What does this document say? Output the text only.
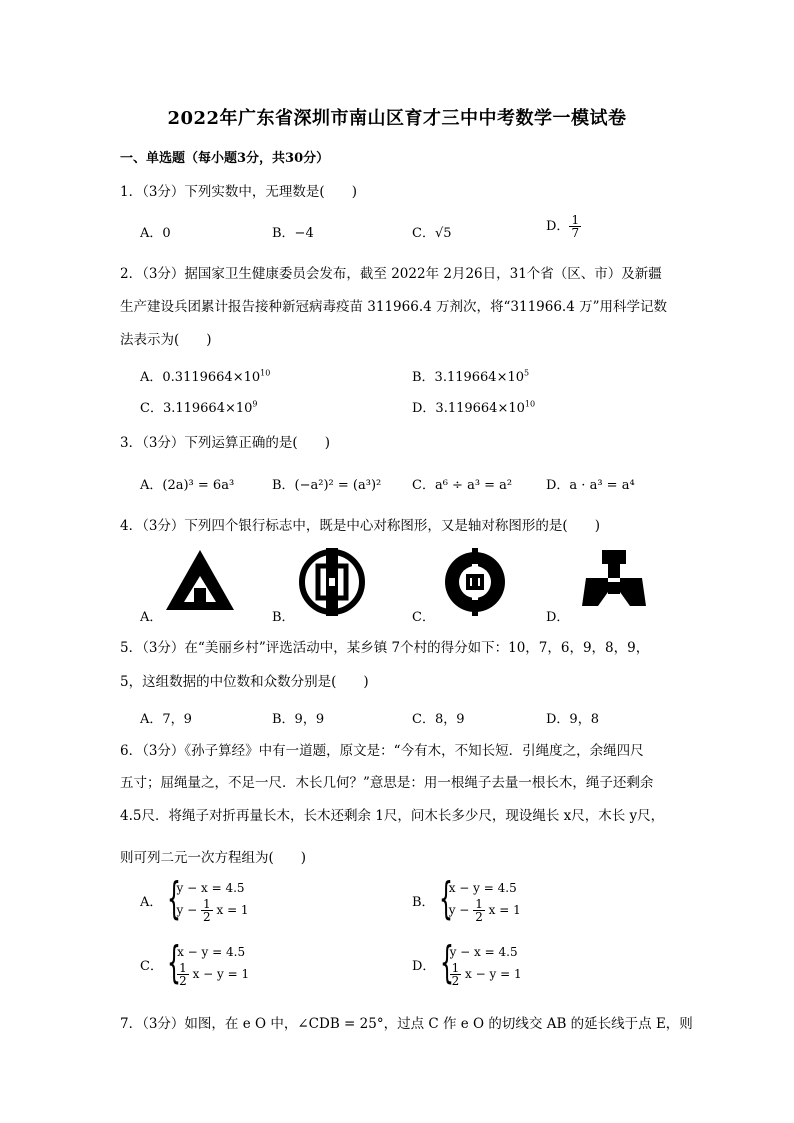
2022年广东省深圳市南山区育才三中中考数学一模试卷
一、单选题（每小题3分，共30分）
1．（3分）下列实数中，无理数是(　　)
A．0	B．−4	C．√5	D． $\frac{1}{7}$
2．（3分）据国家卫生健康委员会发布，截至 2022年 2月26日，31个省（区、市）及新疆
生产建设兵团累计报告接种新冠病毒疫苗 311966.4 万剂次，将“311966.4 万”用科学记数
法表示为(　　)
A．$0.3119664\times 10^{10}$	B．$3.119664\times 10^5$
C．$3.119664\times 10^9$	D．$3.119664\times 10^{10}$
3．（3分）下列运算正确的是(　　)
A．(2a)³ = 6a³	B．(−a²)² = (a³)² C．a⁶ ÷ a³ = a²	D．a · a³ = a⁴
4．（3分）下列四个银行标志中，既是中心对称图形，又是轴对称图形的是(　　)
A．	B．	C．	D．
5．（3分）在“美丽乡村”评选活动中，某乡镇 7个村的得分如下：10，7，6，9，8，9，
5，这组数据的中位数和众数分别是(　　)
A．7，9	B．9，9	C．8，9	D．9，8
6．（3分）《孙子算经》中有一道题，原文是：“今有木，不知长短．引绳度之，余绳四尺
五寸；屈绳量之，不足一尺．木长几何？”意思是：用一根绳子去量一根长木，绳子还剩余
4.5尺．将绳子对折再量长木，长木还剩余 1尺，问木长多少尺，现设绳长 x尺，木长 y尺，
则可列二元一次方程组为(　　)
A． {
y − x = 4.5
$y - \frac{1}{2}$ x = 1	B． {
x − y = 4.5
$y - \frac{1}{2}$ x = 1
C． {
x − y = 4.5
$\frac{1}{2}$ x − y = 1	D． {
y − x = 4.5
$\frac{1}{2}$ x − y = 1
7．（3分）如图，在 e O 中，∠CDB = 25°，过点 C 作 e O 的切线交 AB 的延长线于点 E，则
